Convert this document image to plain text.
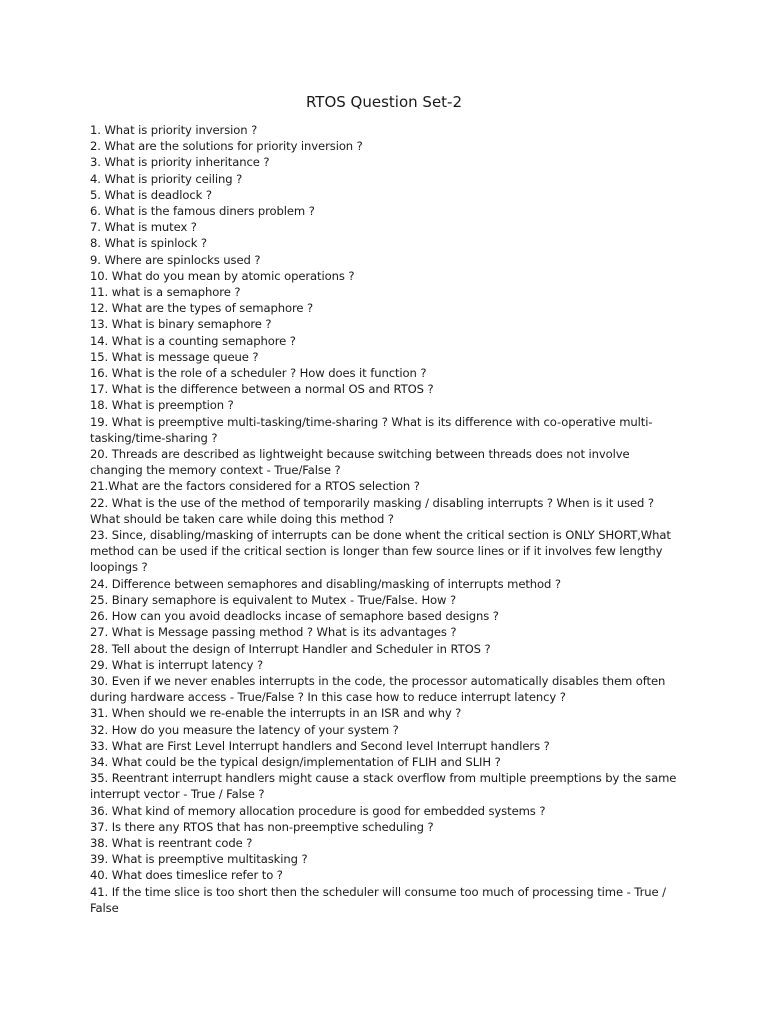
RTOS Question Set-2

1. What is priority inversion ?

2. What are the solutions for priority inversion ?

3. What is priority inheritance ?

4. What is priority ceiling ?

5. What is deadlock ?

6. What is the famous diners problem ?

7. What is mutex ?

8. What is spinlock ?

9. Where are spinlocks used ?

10. What do you mean by atomic operations ?

11. what is a semaphore ?

12. What are the types of semaphore ?

13. What is binary semaphore ?

14. What is a counting semaphore ?

15. What is message queue ?

16. What is the role of a scheduler ? How does it function ?

17. What is the difference between a normal OS and RTOS ?

18. What is preemption ?

19. What is preemptive multi-tasking/time-sharing ? What is its difference with co-operative multi-tasking/time-sharing ?

20. Threads are described as lightweight because switching between threads does not involve changing the memory context - True/False ?

21.What are the factors considered for a RTOS selection ?

22. What is the use of the method of temporarily masking / disabling interrupts ? When is it used ? What should be taken care while doing this method ?

23. Since, disabling/masking of interrupts can be done whent the critical section is ONLY SHORT,What method can be used if the critical section is longer than few source lines or if it involves few lengthy loopings ?

24. Difference between semaphores and disabling/masking of interrupts method ?

25. Binary semaphore is equivalent to Mutex - True/False. How ?

26. How can you avoid deadlocks incase of semaphore based designs ?

27. What is Message passing method ? What is its advantages ?

28. Tell about the design of Interrupt Handler and Scheduler in RTOS ?

29. What is interrupt latency ?

30. Even if we never enables interrupts in the code, the processor automatically disables them often during hardware access - True/False ? In this case how to reduce interrupt latency ?

31. When should we re-enable the interrupts in an ISR and why ?

32. How do you measure the latency of your system ?

33. What are First Level Interrupt handlers and Second level Interrupt handlers ?

34. What could be the typical design/implementation of FLIH and SLIH ?

35. Reentrant interrupt handlers might cause a stack overflow from multiple preemptions by the same interrupt vector - True / False ?

36. What kind of memory allocation procedure is good for embedded systems ?

37. Is there any RTOS that has non-preemptive scheduling ?

38. What is reentrant code ?

39. What is preemptive multitasking ?

40. What does timeslice refer to ?

41. If the time slice is too short then the scheduler will consume too much of processing time - True / False
